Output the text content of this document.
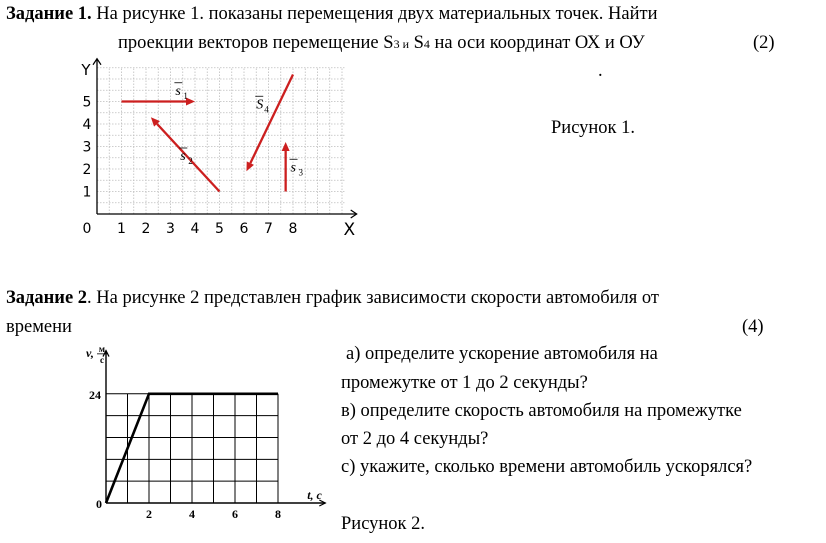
Задание 1. На рисунке 1. показаны перемещения двух материальных точек. Найти
проекции векторов перемещение S3 и S4 на оси координат ОХ и ОУ	(2)
.
Рисунок 1.
1 2 3 4 5 6 7 8
1
2
3
4
5
0	X
Y
s 1
s 2	s 3
S 4
Задание 2. На рисунке 2 представлен график зависимости скорости автомобиля от
времени	(4)
а) определите ускорение автомобиля на
промежутке от 1 до 2 секунды?
в) определите скорость автомобиля на промежутке
от 2 до 4 секунды?
с) укажите, сколько времени автомобиль ускорялся?
Рисунок 2.
2	4	6	8
0
24
t, с
v, м
с
